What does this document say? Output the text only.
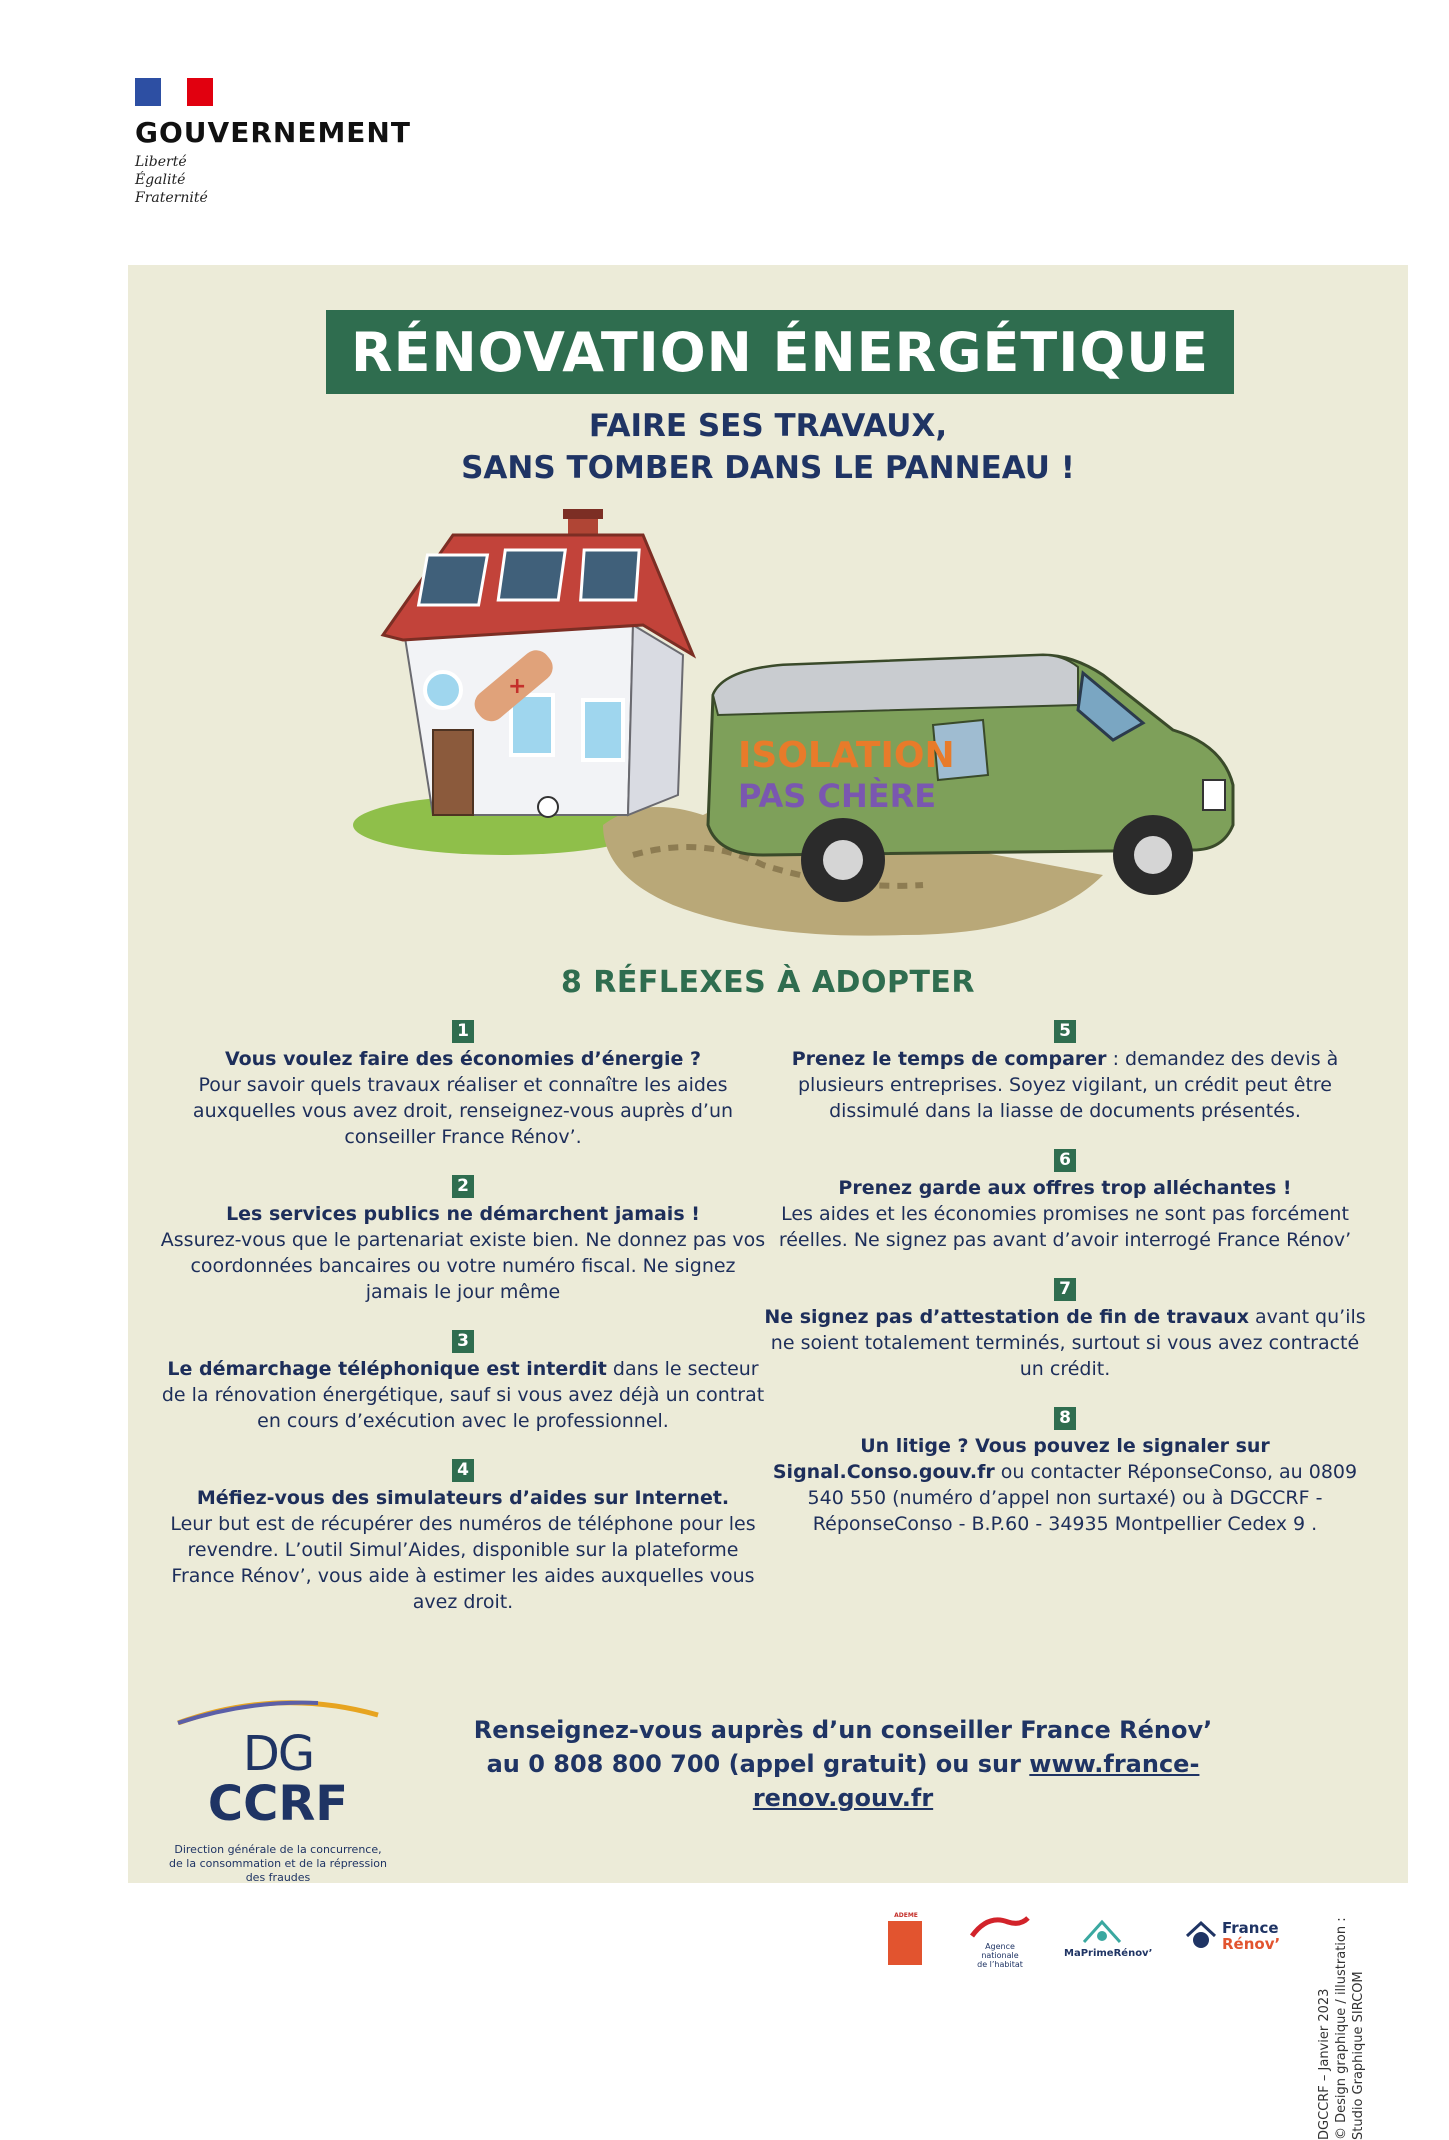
GOUVERNEMENT
Liberté
Égalité
Fraternité
RÉNOVATION ÉNERGÉTIQUE
FAIRE SES TRAVAUX,
SANS TOMBER DANS LE PANNEAU !
+
ISOLATION
PAS CHÈRE
8 RÉFLEXES À ADOPTER
1
Vous voulez faire des économies d’énergie ?
Pour savoir quels travaux réaliser et connaître les aides auxquelles vous avez droit, renseignez-vous auprès d’un conseiller France Rénov’.
2
Les services publics ne démarchent jamais !
Assurez-vous que le partenariat existe bien. Ne donnez pas vos coordonnées bancaires ou votre numéro fiscal. Ne signez jamais le jour même
3
Le démarchage téléphonique est interdit dans le secteur de la rénovation énergétique, sauf si vous avez déjà un contrat en cours d’exécution avec le professionnel.
4
Méfiez-vous des simulateurs d’aides sur Internet.
Leur but est de récupérer des numéros de téléphone pour les revendre. L’outil Simul’Aides, disponible sur la plateforme France Rénov’, vous aide à estimer les aides auxquelles vous avez droit.
5
Prenez le temps de comparer : demandez des devis à plusieurs entreprises. Soyez vigilant, un crédit peut être dissimulé dans la liasse de documents présentés.
6
Prenez garde aux offres trop alléchantes !
Les aides et les économies promises ne sont pas forcément réelles. Ne signez pas avant d’avoir interrogé France Rénov’
7
Ne signez pas d’attestation de fin de travaux avant qu’ils ne soient totalement terminés, surtout si vous avez contracté un crédit.
8
Un litige ? Vous pouvez le signaler sur Signal.Conso.gouv.fr ou contacter RéponseConso, au 0809 540 550 (numéro d’appel non surtaxé) ou à DGCCRF - RéponseConso - B.P.60 - 34935 Montpellier Cedex 9 .
DG CCRF
Direction générale de la concurrence, de la consommation et de la répression des fraudes
Renseignez-vous auprès d’un conseiller France Rénov’
au 0 808 800 700 (appel gratuit) ou sur www.france-renov.gouv.fr
DGCCRF – Janvier 2023 © Design graphique / illustration : Studio Graphique SIRCOM
ADEME
Agence
nationale
de l’habitat
MaPrimeRénov’
France
Rénov’
